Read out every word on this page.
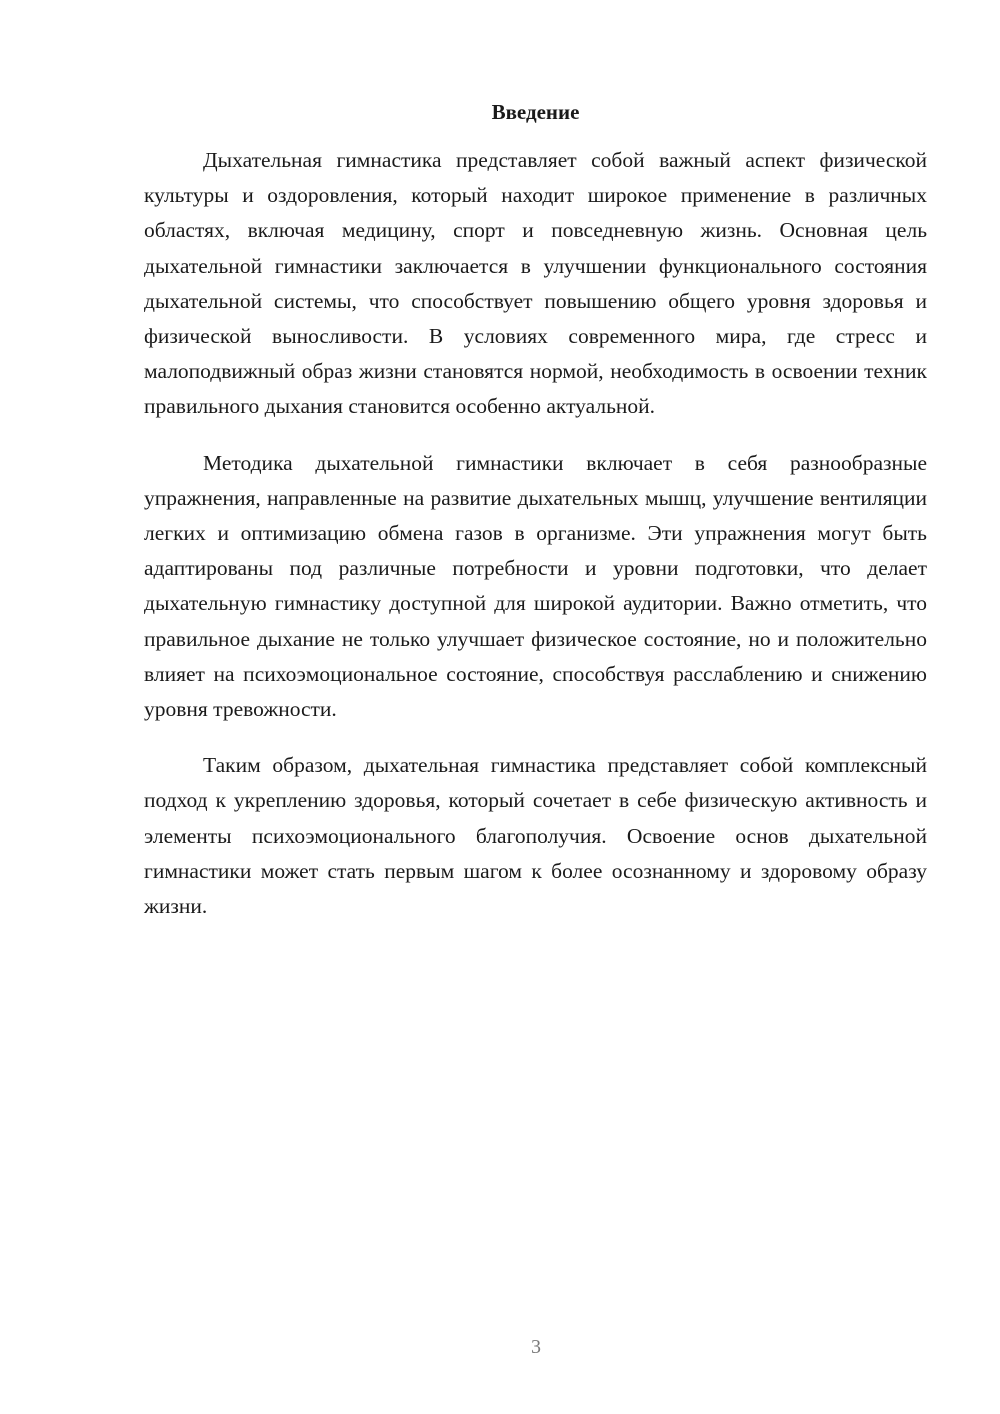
Введение

Дыхательная гимнастика представляет собой важный аспект физической культуры и оздоровления, который находит широкое применение в различных областях, включая медицину, спорт и повседневную жизнь. Основная цель дыхательной гимнастики заключается в улучшении функционального состояния дыхательной системы, что способствует повышению общего уровня здоровья и физической выносливости. В условиях современного мира, где стресс и малоподвижный образ жизни становятся нормой, необходимость в освоении техник правильного дыхания становится особенно актуальной.

Методика дыхательной гимнастики включает в себя разнообразные упражнения, направленные на развитие дыхательных мышц, улучшение вентиляции легких и оптимизацию обмена газов в организме. Эти упражнения могут быть адаптированы под различные потребности и уровни подготовки, что делает дыхательную гимнастику доступной для широкой аудитории. Важно отметить, что правильное дыхание не только улучшает физическое состояние, но и положительно влияет на психоэмоциональное состояние, способствуя расслаблению и снижению уровня тревожности.

Таким образом, дыхательная гимнастика представляет собой комплексный подход к укреплению здоровья, который сочетает в себе физическую активность и элементы психоэмоционального благополучия. Освоение основ дыхательной гимнастики может стать первым шагом к более осознанному и здоровому образу жизни.

3
